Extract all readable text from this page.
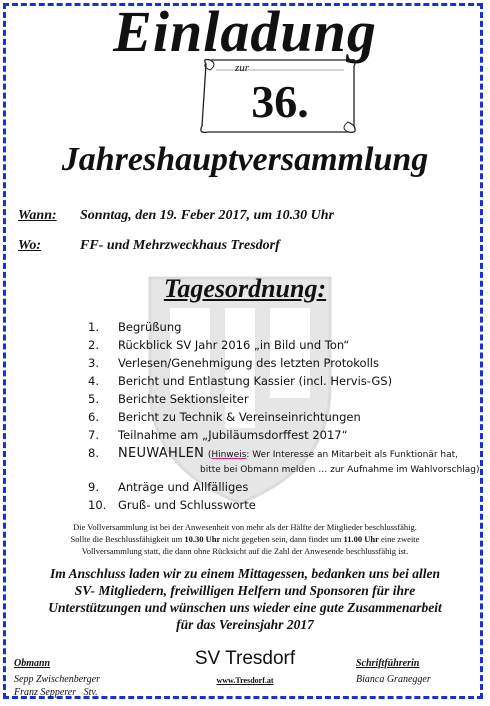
Einladung
zur
36.
Jahreshauptversammlung
Wann: Sonntag, den 19. Feber 2017, um 10.30 Uhr
Wo:	FF- und Mehrzweckhaus Tresdorf
Tagesordnung:
1.	Begrüßung
2.	Rückblick SV Jahr 2016 „in Bild und Ton“
3.	Verlesen/Genehmigung des letzten Protokolls
4.	Bericht und Entlastung Kassier (incl. Hervis-GS)
5.	Berichte Sektionsleiter
6.	Bericht zu Technik & Vereinseinrichtungen
7.	Teilnahme am „Jubiläumsdorffest 2017“
8.	NEUWAHLEN (Hinweis: Wer Interesse an Mitarbeit als Funktionär hat,
bitte bei Obmann melden … zur Aufnahme im Wahlvorschlag)
9.	Anträge und Allfälliges
10.	Gruß- und Schlussworte
Die Vollversammlung ist bei der Anwesenheit von mehr als der Hälfte der Mitglieder beschlussfähig.
Sollte die Beschlussfähigkeit um 10.30 Uhr nicht gegeben sein, dann findet um 11.00 Uhr eine zweite
Vollversammlung statt, die dann ohne Rücksicht auf die Zahl der Anwesende beschlussfähig ist.
Im Anschluss laden wir zu einem Mittagessen, bedanken uns bei allen
SV- Mitgliedern, freiwilligen Helfern und Sponsoren für ihre
Unterstützungen und wünschen uns wieder eine gute Zusammenarbeit
für das Vereinsjahr 2017
Obmann
Sepp Zwischenberger
Franz Sepperer   Stv.
SV Tresdorf
www.Tresdorf.at
Schriftführerin
Bianca Granegger
